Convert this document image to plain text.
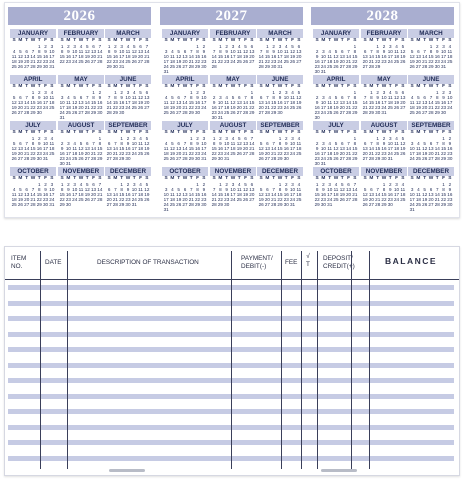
2026
JANUARY
S M T W T F S
1 2 3
4 5 6 7 8 9 10
11 12 13 14 15 16 17
18 19 20 21 22 23 24
25 26 27 28 29 30 31
FEBRUARY
S M T W T F S
1 2 3 4 5 6 7
8 9 10 11 12 13 14
15 16 17 18 19 20 21
22 23 24 25 26 27 28
MARCH
S M T W T F S
1 2 3 4 5 6 7
8 9 10 11 12 13 14
15 16 17 18 19 20 21
22 23 24 25 26 27 28
29 30 31
APRIL
S M T W T F S
1 2 3 4
5 6 7 8 9 10 11
12 13 14 15 16 17 18
19 20 21 22 23 24 25
26 27 28 29 30
MAY
S M T W T F S
1 2
3 4 5 6 7 8 9
10 11 12 13 14 15 16
17 18 19 20 21 22 23
24 25 26 27 28 29 30
31
JUNE
S M T W T F S
1 2 3 4 5 6
7 8 9 10 11 12 13
14 15 16 17 18 19 20
21 22 23 24 25 26 27
28 29 30
JULY
S M T W T F S
1 2 3 4
5 6 7 8 9 10 11
12 13 14 15 16 17 18
19 20 21 22 23 24 25
26 27 28 29 30 31
AUGUST
S M T W T F S
1
2 3 4 5 6 7 8
9 10 11 12 13 14 15
16 17 18 19 20 21 22
23 24 25 26 27 28 29
30 31
SEPTEMBER
S M T W T F S
1 2 3 4 5
6 7 8 9 10 11 12
13 14 15 16 17 18 19
20 21 22 23 24 25 26
27 28 29 30
OCTOBER
S M T W T F S
1 2 3
4 5 6 7 8 9 10
11 12 13 14 15 16 17
18 19 20 21 22 23 24
25 26 27 28 29 30 31
NOVEMBER
S M T W T F S
1 2 3 4 5 6 7
8 9 10 11 12 13 14
15 16 17 18 19 20 21
22 23 24 25 26 27 28
29 30
DECEMBER
S M T W T F S
1 2 3 4 5
6 7 8 9 10 11 12
13 14 15 16 17 18 19
20 21 22 23 24 25 26
27 28 29 30 31
2027
JANUARY
S M T W T F S
1 2
3 4 5 6 7 8 9
10 11 12 13 14 15 16
17 18 19 20 21 22 23
24 25 26 27 28 29 30
31
FEBRUARY
S M T W T F S
1 2 3 4 5 6
7 8 9 10 11 12 13
14 15 16 17 18 19 20
21 22 23 24 25 26 27
28
MARCH
S M T W T F S
1 2 3 4 5 6
7 8 9 10 11 12 13
14 15 16 17 18 19 20
21 22 23 24 25 26 27
28 29 30 31
APRIL
S M T W T F S
1 2 3
4 5 6 7 8 9 10
11 12 13 14 15 16 17
18 19 20 21 22 23 24
25 26 27 28 29 30
MAY
S M T W T F S
1
2 3 4 5 6 7 8
9 10 11 12 13 14 15
16 17 18 19 20 21 22
23 24 25 26 27 28 29
30 31
JUNE
S M T W T F S
1 2 3 4 5
6 7 8 9 10 11 12
13 14 15 16 17 18 19
20 21 22 23 24 25 26
27 28 29 30
JULY
S M T W T F S
1 2 3
4 5 6 7 8 9 10
11 12 13 14 15 16 17
18 19 20 21 22 23 24
25 26 27 28 29 30 31
AUGUST
S M T W T F S
1 2 3 4 5 6 7
8 9 10 11 12 13 14
15 16 17 18 19 20 21
22 23 24 25 26 27 28
29 30 31
SEPTEMBER
S M T W T F S
1 2 3 4
5 6 7 8 9 10 11
12 13 14 15 16 17 18
19 20 21 22 23 24 25
26 27 28 29 30
OCTOBER
S M T W T F S
1 2
3 4 5 6 7 8 9
10 11 12 13 14 15 16
17 18 19 20 21 22 23
24 25 26 27 28 29 30
31
NOVEMBER
S M T W T F S
1 2 3 4 5 6
7 8 9 10 11 12 13
14 15 16 17 18 19 20
21 22 23 24 25 26 27
28 29 30
DECEMBER
S M T W T F S
1 2 3 4
5 6 7 8 9 10 11
12 13 14 15 16 17 18
19 20 21 22 23 24 25
26 27 28 29 30 31
2028
JANUARY
S M T W T F S
1
2 3 4 5 6 7 8
9 10 11 12 13 14 15
16 17 18 19 20 21 22
23 24 25 26 27 28 29
30 31
FEBRUARY
S M T W T F S
1 2 3 4 5
6 7 8 9 10 11 12
13 14 15 16 17 18 19
20 21 22 23 24 25 26
27 28 29
MARCH
S M T W T F S
1 2 3 4
5 6 7 8 9 10 11
12 13 14 15 16 17 18
19 20 21 22 23 24 25
26 27 28 29 30 31
APRIL
S M T W T F S
1
2 3 4 5 6 7 8
9 10 11 12 13 14 15
16 17 18 19 20 21 22
23 24 25 26 27 28 29
30
MAY
S M T W T F S
1 2 3 4 5 6
7 8 9 10 11 12 13
14 15 16 17 18 19 20
21 22 23 24 25 26 27
28 29 30 31
JUNE
S M T W T F S
1 2 3
4 5 6 7 8 9 10
11 12 13 14 15 16 17
18 19 20 21 22 23 24
25 26 27 28 29 30
JULY
S M T W T F S
1
2 3 4 5 6 7 8
9 10 11 12 13 14 15
16 17 18 19 20 21 22
23 24 25 26 27 28 29
30 31
AUGUST
S M T W T F S
1 2 3 4 5
6 7 8 9 10 11 12
13 14 15 16 17 18 19
20 21 22 23 24 25 26
27 28 29 30 31
SEPTEMBER
S M T W T F S
1 2
3 4 5 6 7 8 9
10 11 12 13 14 15 16
17 18 19 20 21 22 23
24 25 26 27 28 29 30
OCTOBER
S M T W T F S
1 2 3 4 5 6 7
8 9 10 11 12 13 14
15 16 17 18 19 20 21
22 23 24 25 26 27 28
29 30 31
NOVEMBER
S M T W T F S
1 2 3 4
5 6 7 8 9 10 11
12 13 14 15 16 17 18
19 20 21 22 23 24 25
26 27 28 29 30
DECEMBER
S M T W T F S
1 2
3 4 5 6 7 8 9
10 11 12 13 14 15 16
17 18 19 20 21 22 23
24 25 26 27 28 29 30
31
ITEM
NO.
DATE	DESCRIPTION OF TRANSACTION
PAYMENT/
DEBIT(-)
FEE
√
T
DEPOSIT/
CREDIT(+)
BALANCE
